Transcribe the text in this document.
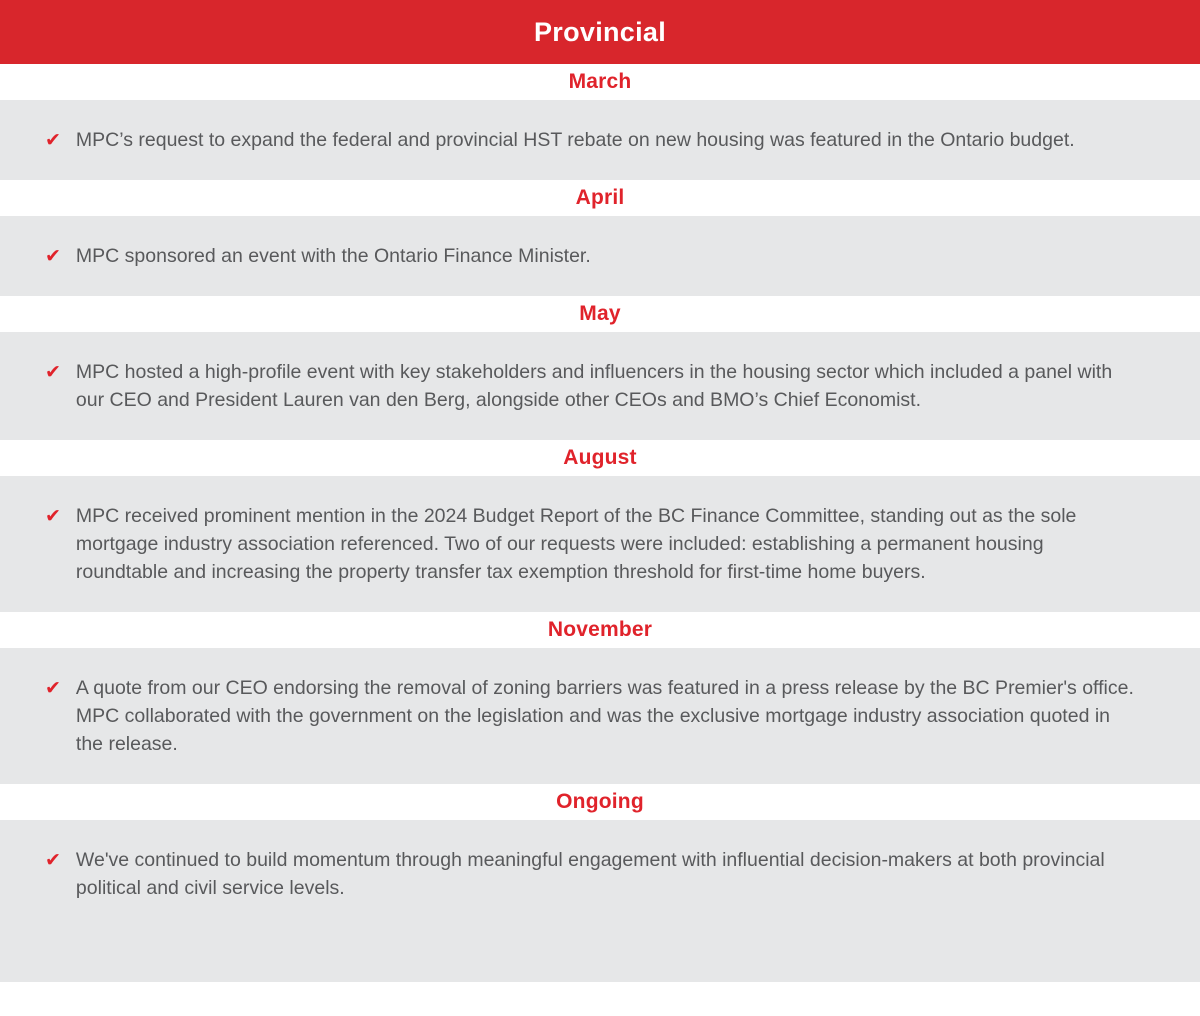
Provincial
March
✔ MPC’s request to expand the federal and provincial HST rebate on new housing was featured in the Ontario budget.
April
✔ MPC sponsored an event with the Ontario Finance Minister.
May
✔ MPC hosted a high-profile event with key stakeholders and influencers in the housing sector which included a panel with our CEO and President Lauren van den Berg, alongside other CEOs and BMO’s Chief Economist.
August
✔ MPC received prominent mention in the 2024 Budget Report of the BC Finance Committee, standing out as the sole mortgage industry association referenced. Two of our requests were included: establishing a permanent housing roundtable and increasing the property transfer tax exemption threshold for first-time home buyers.
November
✔ A quote from our CEO endorsing the removal of zoning barriers was featured in a press release by the BC Premier's office. MPC collaborated with the government on the legislation and was the exclusive mortgage industry association quoted in the release.
Ongoing
✔ We've continued to build momentum through meaningful engagement with influential decision-makers at both provincial political and civil service levels.
